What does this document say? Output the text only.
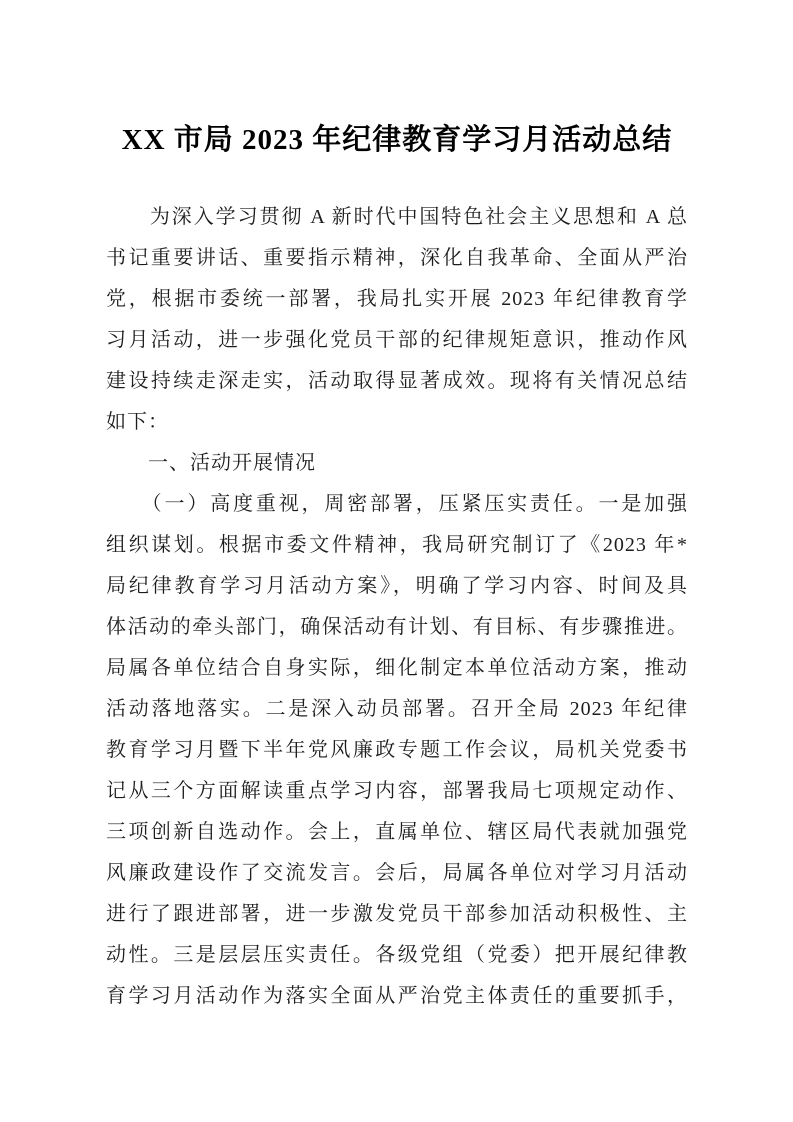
XX 市局 2023 年纪律教育学习月活动总结
　　为深入学习贯彻 A 新时代中国特色社会主义思想和 A 总
书记重要讲话、重要指示精神，深化自我革命、全面从严治
党，根据市委统一部署，我局扎实开展 2023 年纪律教育学
习月活动，进一步强化党员干部的纪律规矩意识，推动作风
建设持续走深走实，活动取得显著成效。现将有关情况总结
如下：
　　一、活动开展情况
　　（一）高度重视，周密部署，压紧压实责任。一是加强
组织谋划。根据市委文件精神，我局研究制订了《2023 年*
局纪律教育学习月活动方案》，明确了学习内容、时间及具
体活动的牵头部门，确保活动有计划、有目标、有步骤推进。
局属各单位结合自身实际，细化制定本单位活动方案，推动
活动落地落实。二是深入动员部署。召开全局 2023 年纪律
教育学习月暨下半年党风廉政专题工作会议，局机关党委书
记从三个方面解读重点学习内容，部署我局七项规定动作、
三项创新自选动作。会上，直属单位、辖区局代表就加强党
风廉政建设作了交流发言。会后，局属各单位对学习月活动
进行了跟进部署，进一步激发党员干部参加活动积极性、主
动性。三是层层压实责任。各级党组（党委）把开展纪律教
育学习月活动作为落实全面从严治党主体责任的重要抓手，
